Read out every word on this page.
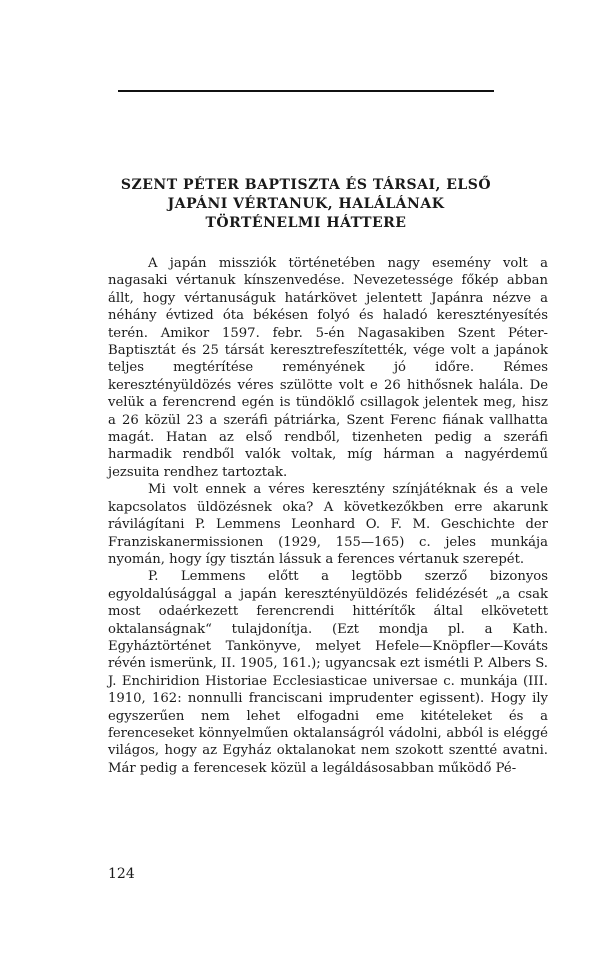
SZENT PÉTER BAPTISZTA ÉS TÁRSAI, ELSŐ
JAPÁNI VÉRTANUK, HALÁLÁNAK
TÖRTÉNELMI HÁTTERE

A japán missziók történetében nagy esemény volt a nagasaki vértanuk kínszenvedése. Nevezetessége főkép abban állt, hogy vértanuságuk határkövet jelentett Japánra nézve a néhány évtized óta békésen folyó és haladó keresztényesítés terén. Amikor 1597. febr. 5-én Nagasakiben Szent Péter-Baptisztát és 25 társát keresztrefeszítették, vége volt a japánok teljes megtérítése reményének jó időre. Rémes keresztényüldözés véres szülötte volt e 26 hithősnek halála. De velük a ferencrend egén is tündöklő csillagok jelentek meg, hisz a 26 közül 23 a szeráfi pátriárka, Szent Ferenc fiának vallhatta magát. Hatan az első rendből, tizenheten pedig a szeráfi harmadik rendből valók voltak, míg hárman a nagyérdemű jezsuita rendhez tartoztak.

Mi volt ennek a véres keresztény színjátéknak és a vele kapcsolatos üldözésnek oka? A következőkben erre akarunk rávilágítani P. Lemmens Leonhard O. F. M. Geschichte der Franziskanermissionen (1929, 155—165) c. jeles munkája nyomán, hogy így tisztán lássuk a ferences vértanuk szerepét.

P. Lemmens előtt a legtöbb szerző bizonyos egyoldalúsággal a japán keresztényüldözés felidézését „a csak most odaérkezett ferencrendi hittérítők által elkövetett oktalanságnak“ tulajdonítja. (Ezt mondja pl. a Kath. Egyháztörténet Tankönyve, melyet Hefele—Knöpfler—Kováts révén ismerünk, II. 1905, 161.); ugyancsak ezt ismétli P. Albers S. J. Enchiridion Historiae Ecclesiasticae universae c. munkája (III. 1910, 162: nonnulli franciscani imprudenter egissent). Hogy ily egyszerűen nem lehet elfogadni eme kitételeket és a ferenceseket könnyelműen oktalanságról vádolni, abból is eléggé világos, hogy az Egyház oktalanokat nem szokott szentté avatni. Már pedig a ferencesek közül a legáldásosabban működő Pé-

124
